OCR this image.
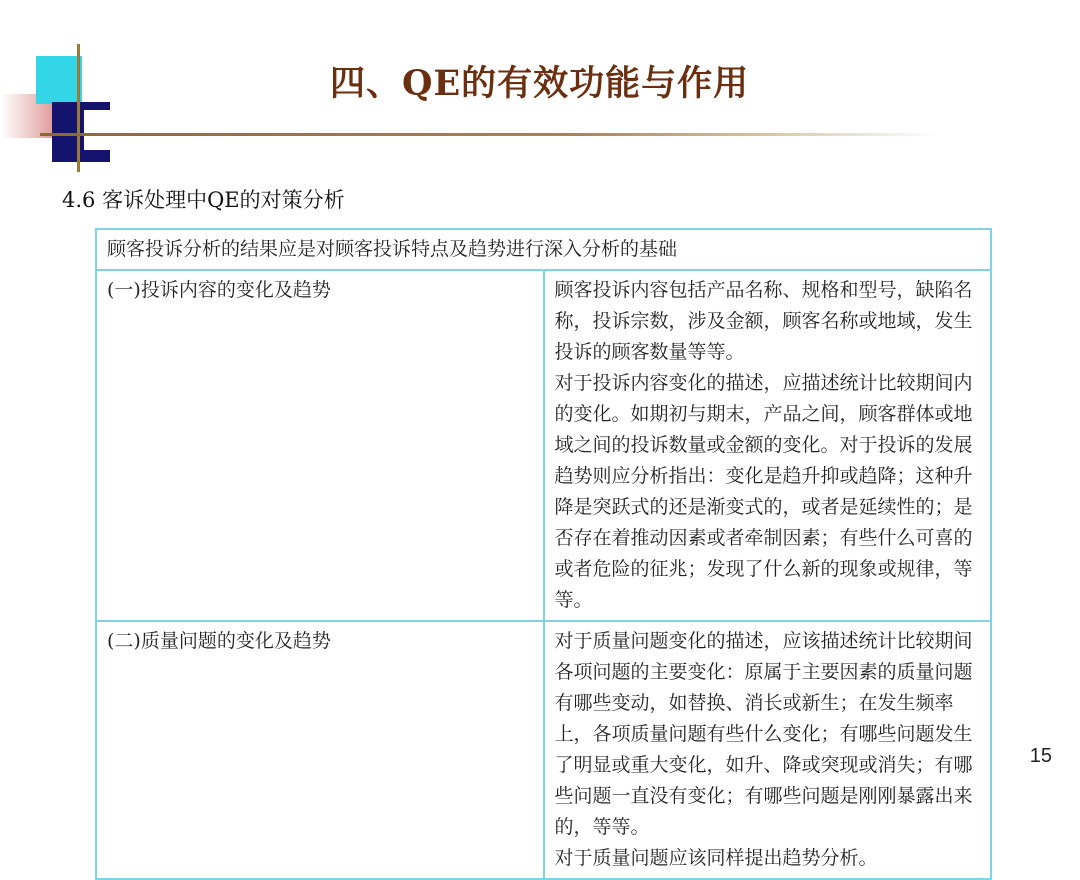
四、QE的有效功能与作用
4.6 客诉处理中QE的对策分析
顾客投诉分析的结果应是对顾客投诉特点及趋势进行深入分析的基础	
(一)投诉内容的变化及趋势	顾客投诉内容包括产品名称、规格和型号，缺陷名称，投诉宗数，涉及金额，顾客名称或地域，发生投诉的顾客数量等等。
对于投诉内容变化的描述，应描述统计比较期间内的变化。如期初与期末，产品之间，顾客群体或地域之间的投诉数量或金额的变化。对于投诉的发展趋势则应分析指出：变化是趋升抑或趋降；这种升降是突跃式的还是渐变式的，或者是延续性的；是否存在着推动因素或者牵制因素；有些什么可喜的或者危险的征兆；发现了什么新的现象或规律，等等。

(二)质量问题的变化及趋势	对于质量问题变化的描述，应该描述统计比较期间各项问题的主要变化：原属于主要因素的质量问题有哪些变动，如替换、消长或新生；在发生频率上，各项质量问题有些什么变化；有哪些问题发生了明显或重大变化，如升、降或突现或消失；有哪些问题一直没有变化；有哪些问题是刚刚暴露出来的，等等。
对于质量问题应该同样提出趋势分析。
15
